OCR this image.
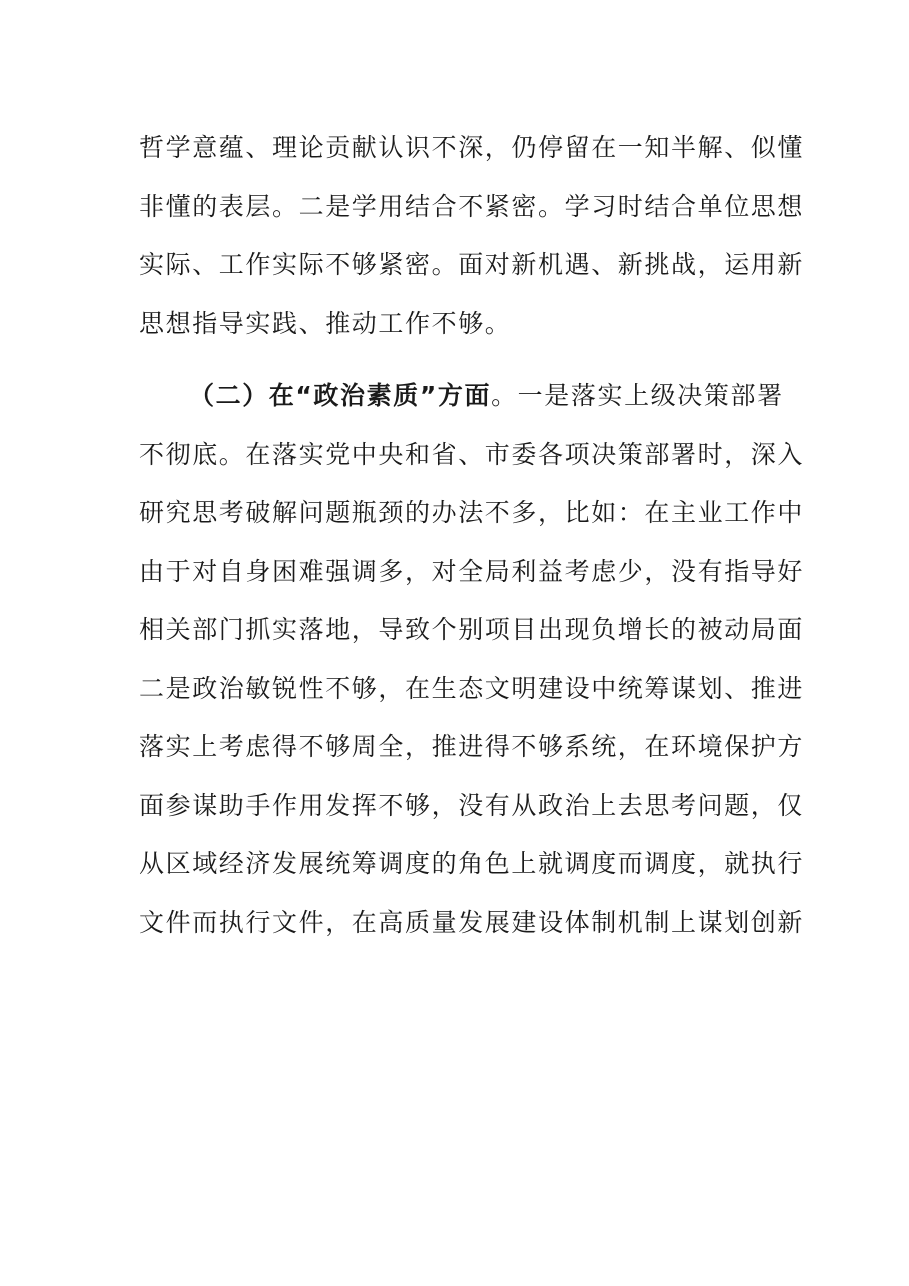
哲学意蕴、理论贡献认识不深，仍停留在一知半解、似懂
非懂的表层。二是学用结合不紧密。学习时结合单位思想
实际、工作实际不够紧密。面对新机遇、新挑战，运用新
思想指导实践、推动工作不够。
（二）在“政治素质”方面。一是落实上级决策部署
不彻底。在落实党中央和省、市委各项决策部署时，深入
研究思考破解问题瓶颈的办法不多，比如：在主业工作中
由于对自身困难强调多，对全局利益考虑少，没有指导好
相关部门抓实落地，导致个别项目出现负增长的被动局面
二是政治敏锐性不够，在生态文明建设中统筹谋划、推进
落实上考虑得不够周全，推进得不够系统，在环境保护方
面参谋助手作用发挥不够，没有从政治上去思考问题，仅
从区域经济发展统筹调度的角色上就调度而调度，就执行
文件而执行文件，在高质量发展建设体制机制上谋划创新
